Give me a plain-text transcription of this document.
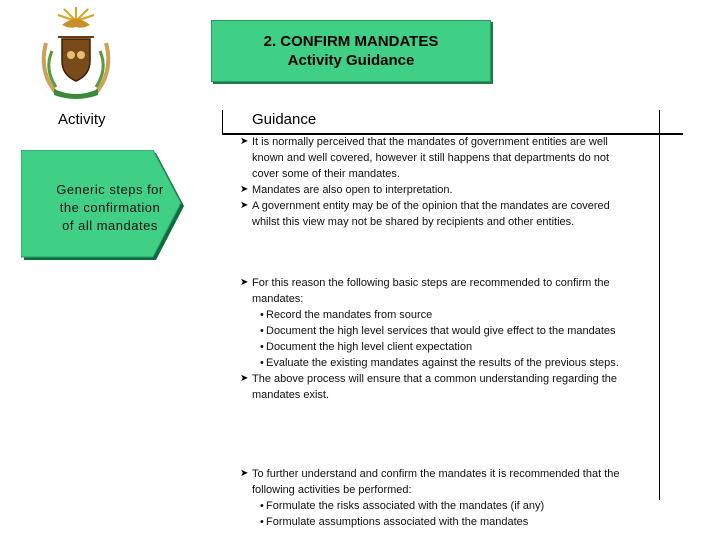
2. CONFIRM MANDATES
Activity Guidance
Activity	Guidance
Generic steps for
the confirmation
of all mandates
➤ It is normally perceived that the mandates of government entities are well known and well covered, however it still happens that departments do not cover some of their mandates.
➤ Mandates are also open to interpretation.
➤ A government entity may be of the opinion that the mandates are covered whilst this view may not be shared by recipients and other entities.
➤ For this reason the following basic steps are recommended to confirm the mandates:
• Record the mandates from source
• Document the high level services that would give effect to the mandates
• Document the high level client expectation
• Evaluate the existing mandates against the results of the previous steps.
➤ The above process will ensure that a common understanding regarding the mandates exist.
➤ To further understand and confirm the mandates it is recommended that the following activities be performed:
• Formulate the risks associated with the mandates (if any)
• Formulate assumptions associated with the mandates
